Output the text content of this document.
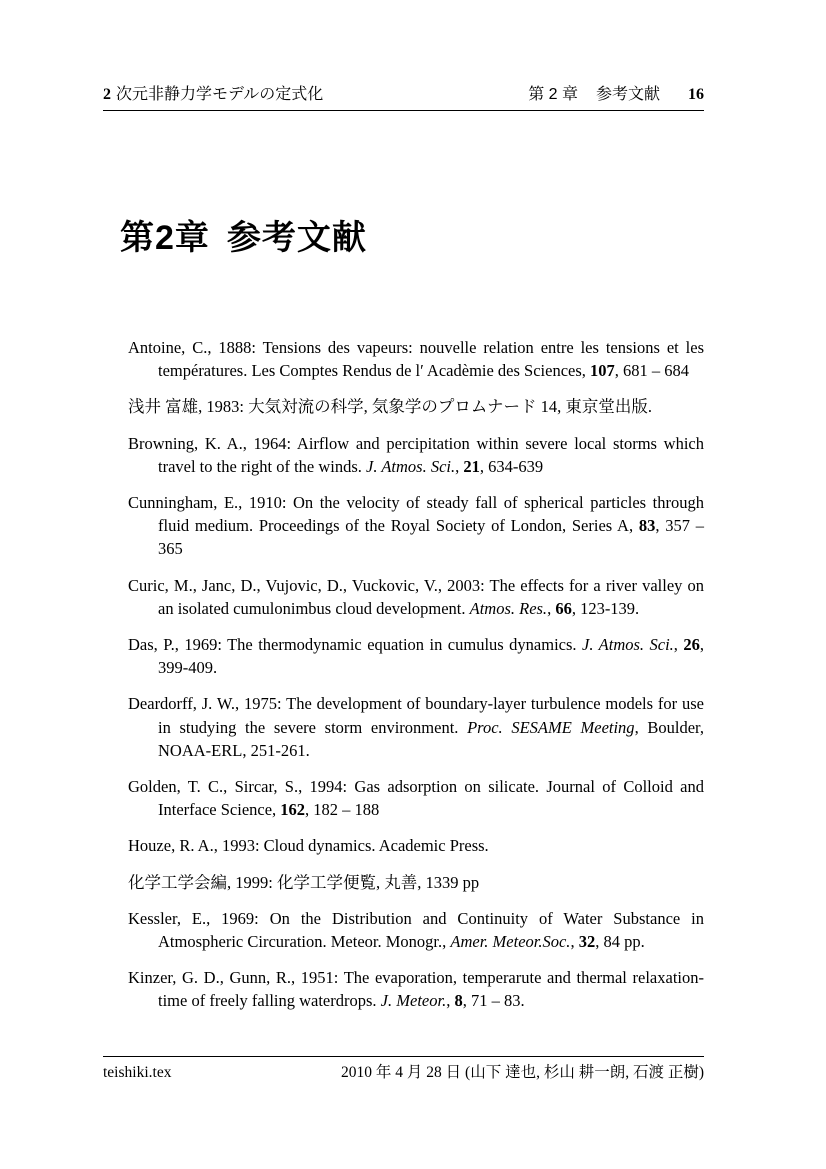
2 次元非静力学モデルの定式化	第 2 章 参考文献 16
第2章 参考文献

Antoine, C., 1888: Tensions des vapeurs: nouvelle relation entre les tensions et les températures. Les Comptes Rendus de l′ Acadèmie des Sciences, 107, 681 – 684

浅井 富雄, 1983: 大気対流の科学, 気象学のプロムナード 14, 東京堂出版.

Browning, K. A., 1964: Airflow and percipitation within severe local storms which travel to the right of the winds. J. Atmos. Sci., 21, 634-639

Cunningham, E., 1910: On the velocity of steady fall of spherical particles through fluid medium. Proceedings of the Royal Society of London, Series A, 83, 357 – 365

Curic, M., Janc, D., Vujovic, D., Vuckovic, V., 2003: The effects for a river valley on an isolated cumulonimbus cloud development. Atmos. Res., 66, 123-139.

Das, P., 1969: The thermodynamic equation in cumulus dynamics. J. Atmos. Sci., 26, 399-409.

Deardorff, J. W., 1975: The development of boundary-layer turbulence models for use in studying the severe storm environment. Proc. SESAME Meeting, Boulder, NOAA-ERL, 251-261.

Golden, T. C., Sircar, S., 1994: Gas adsorption on silicate. Journal of Colloid and Interface Science, 162, 182 – 188

Houze, R. A., 1993: Cloud dynamics. Academic Press.

化学工学会編, 1999: 化学工学便覧, 丸善, 1339 pp

Kessler, E., 1969: On the Distribution and Continuity of Water Substance in Atmospheric Circuration. Meteor. Monogr., Amer. Meteor.Soc., 32, 84 pp.

Kinzer, G. D., Gunn, R., 1951: The evaporation, temperarute and thermal relaxation-time of freely falling waterdrops. J. Meteor., 8, 71 – 83.

teishiki.tex	2010 年 4 月 28 日 (山下 達也, 杉山 耕一朗, 石渡 正樹)
